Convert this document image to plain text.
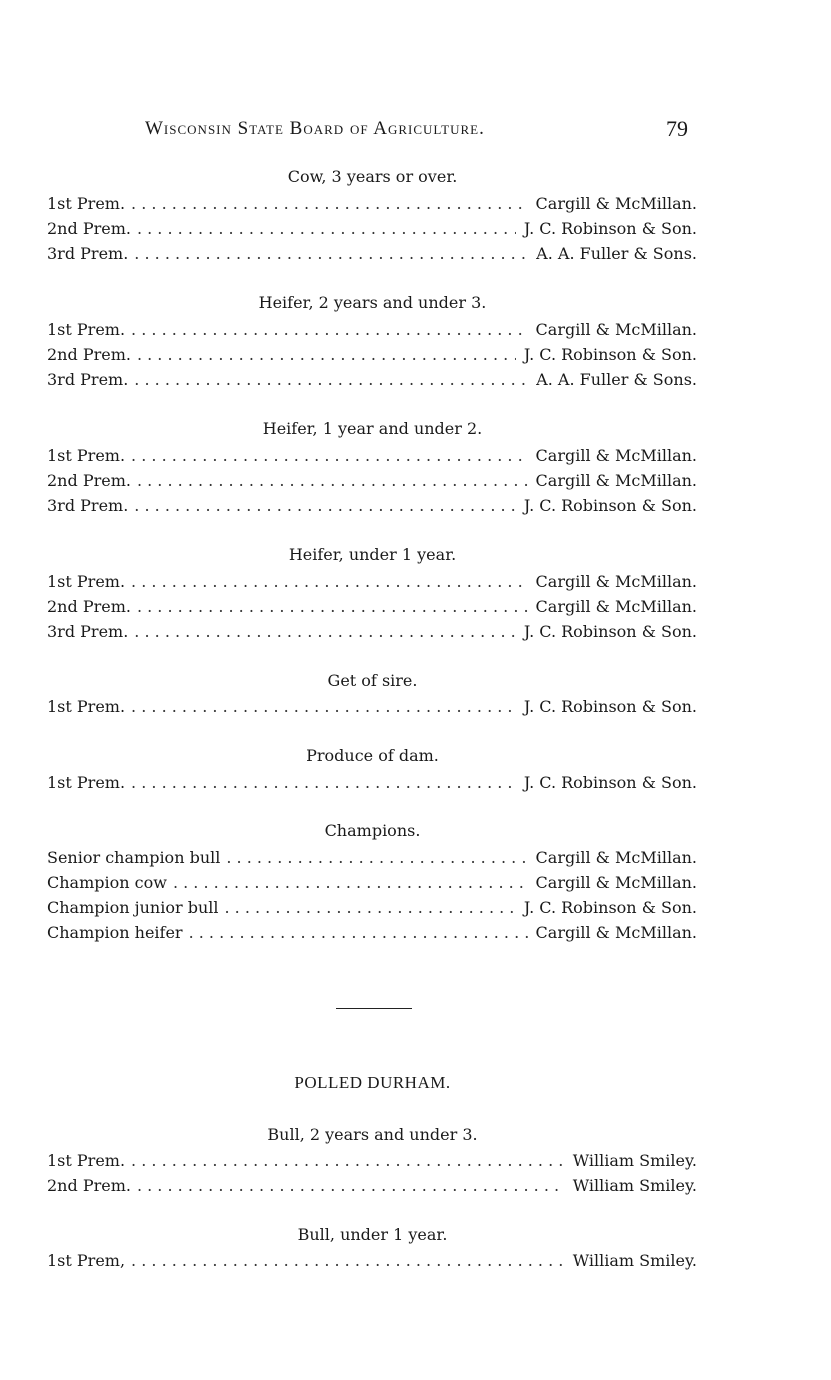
Wisconsin State Board of Agriculture.	79
Cow, 3 years or over.
1st Prem. . . .	Cargill & McMillan.
2nd Prem. . . .	J. C. Robinson & Son.
3rd Prem. . . .	A. A. Fuller & Sons.
Heifer, 2 years and under 3.
1st Prem. . . .	Cargill & McMillan.
2nd Prem. . . .	J. C. Robinson & Son.
3rd Prem. . . .	A. A. Fuller & Sons.
Heifer, 1 year and under 2.
1st Prem. . . .	Cargill & McMillan.
2nd Prem. . . .	Cargill & McMillan.
3rd Prem. . . .	J. C. Robinson & Son.
Heifer, under 1 year.
1st Prem. . . .	Cargill & McMillan.
2nd Prem. . . .	Cargill & McMillan.
3rd Prem. . . .	J. C. Robinson & Son.
Get of sire.
1st Prem. . . .	J. C. Robinson & Son.
Produce of dam.
1st Prem. . . .	J. C. Robinson & Son.
Champions.
Senior champion bull . . .	Cargill & McMillan.
Champion cow . . .	Cargill & McMillan.
Champion junior bull . . .	J. C. Robinson & Son.
Champion heifer . . .	Cargill & McMillan.
POLLED DURHAM.
Bull, 2 years and under 3.
1st Prem. . . .	William Smiley.
2nd Prem. . . .	William Smiley.
Bull, under 1 year.
1st Prem, . . .	William Smiley.
